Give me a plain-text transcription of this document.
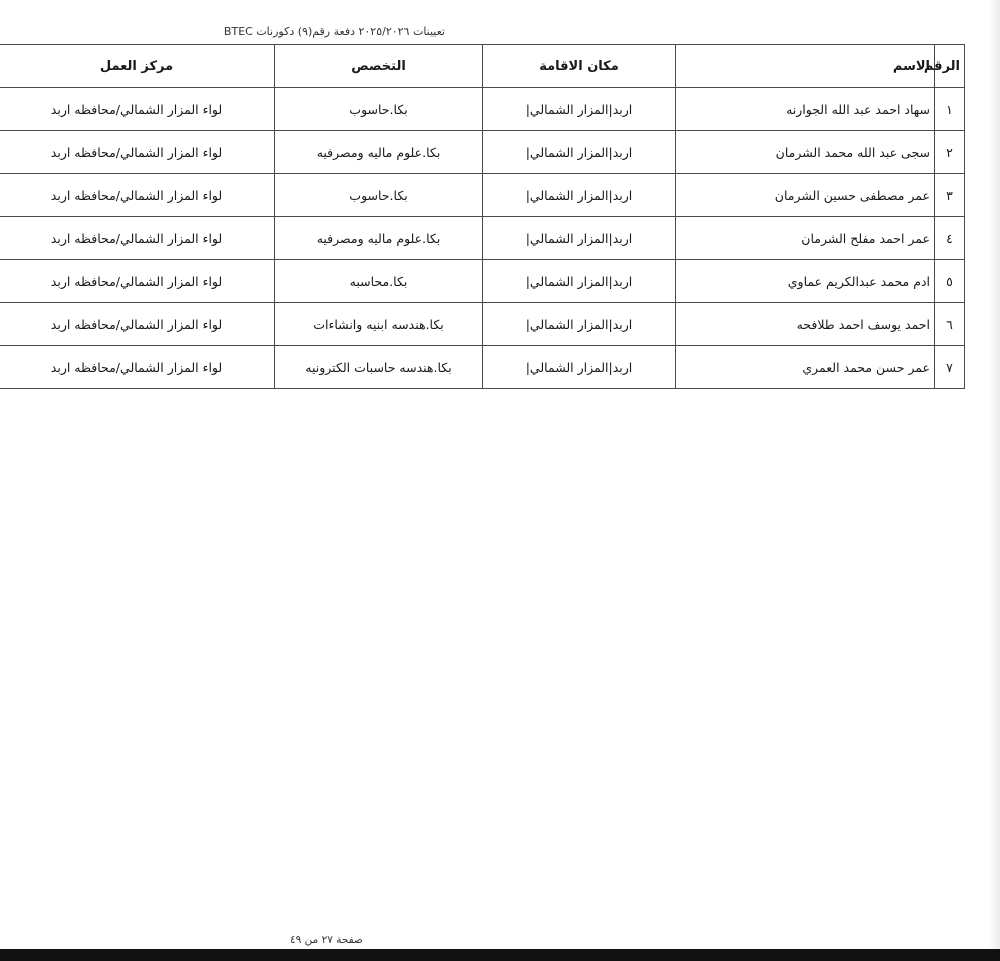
تعيينات ٢٠٢٥/٢٠٢٦ دفعة رقم(٩) دكورنات BTEC
الرقم	الاسم	مكان الاقامة	التخصص	مركز العمل
١	سهاد احمد عبد الله الجوارنه	اربد|المزار الشمالي|	بكا.حاسوب	لواء المزار الشمالي/محافظه اربد
٢	سجى عبد الله محمد الشرمان	اربد|المزار الشمالي|	بكا.علوم ماليه ومصرفيه	لواء المزار الشمالي/محافظه اربد
٣	عمر مصطفى حسين الشرمان	اربد|المزار الشمالي|	بكا.حاسوب	لواء المزار الشمالي/محافظه اربد
٤	عمر احمد مفلح الشرمان	اربد|المزار الشمالي|	بكا.علوم ماليه ومصرفيه	لواء المزار الشمالي/محافظه اربد
٥	ادم محمد عبدالكريم عماوي	اربد|المزار الشمالي|	بكا.محاسبه	لواء المزار الشمالي/محافظه اربد
٦	احمد يوسف احمد طلافحه	اربد|المزار الشمالي|	بكا.هندسه ابنيه وانشاءات	لواء المزار الشمالي/محافظه اربد
٧	عمر حسن محمد العمري	اربد|المزار الشمالي|	بكا.هندسه حاسبات الكترونيه	لواء المزار الشمالي/محافظه اربد
صفحة ٢٧ من ٤٩
